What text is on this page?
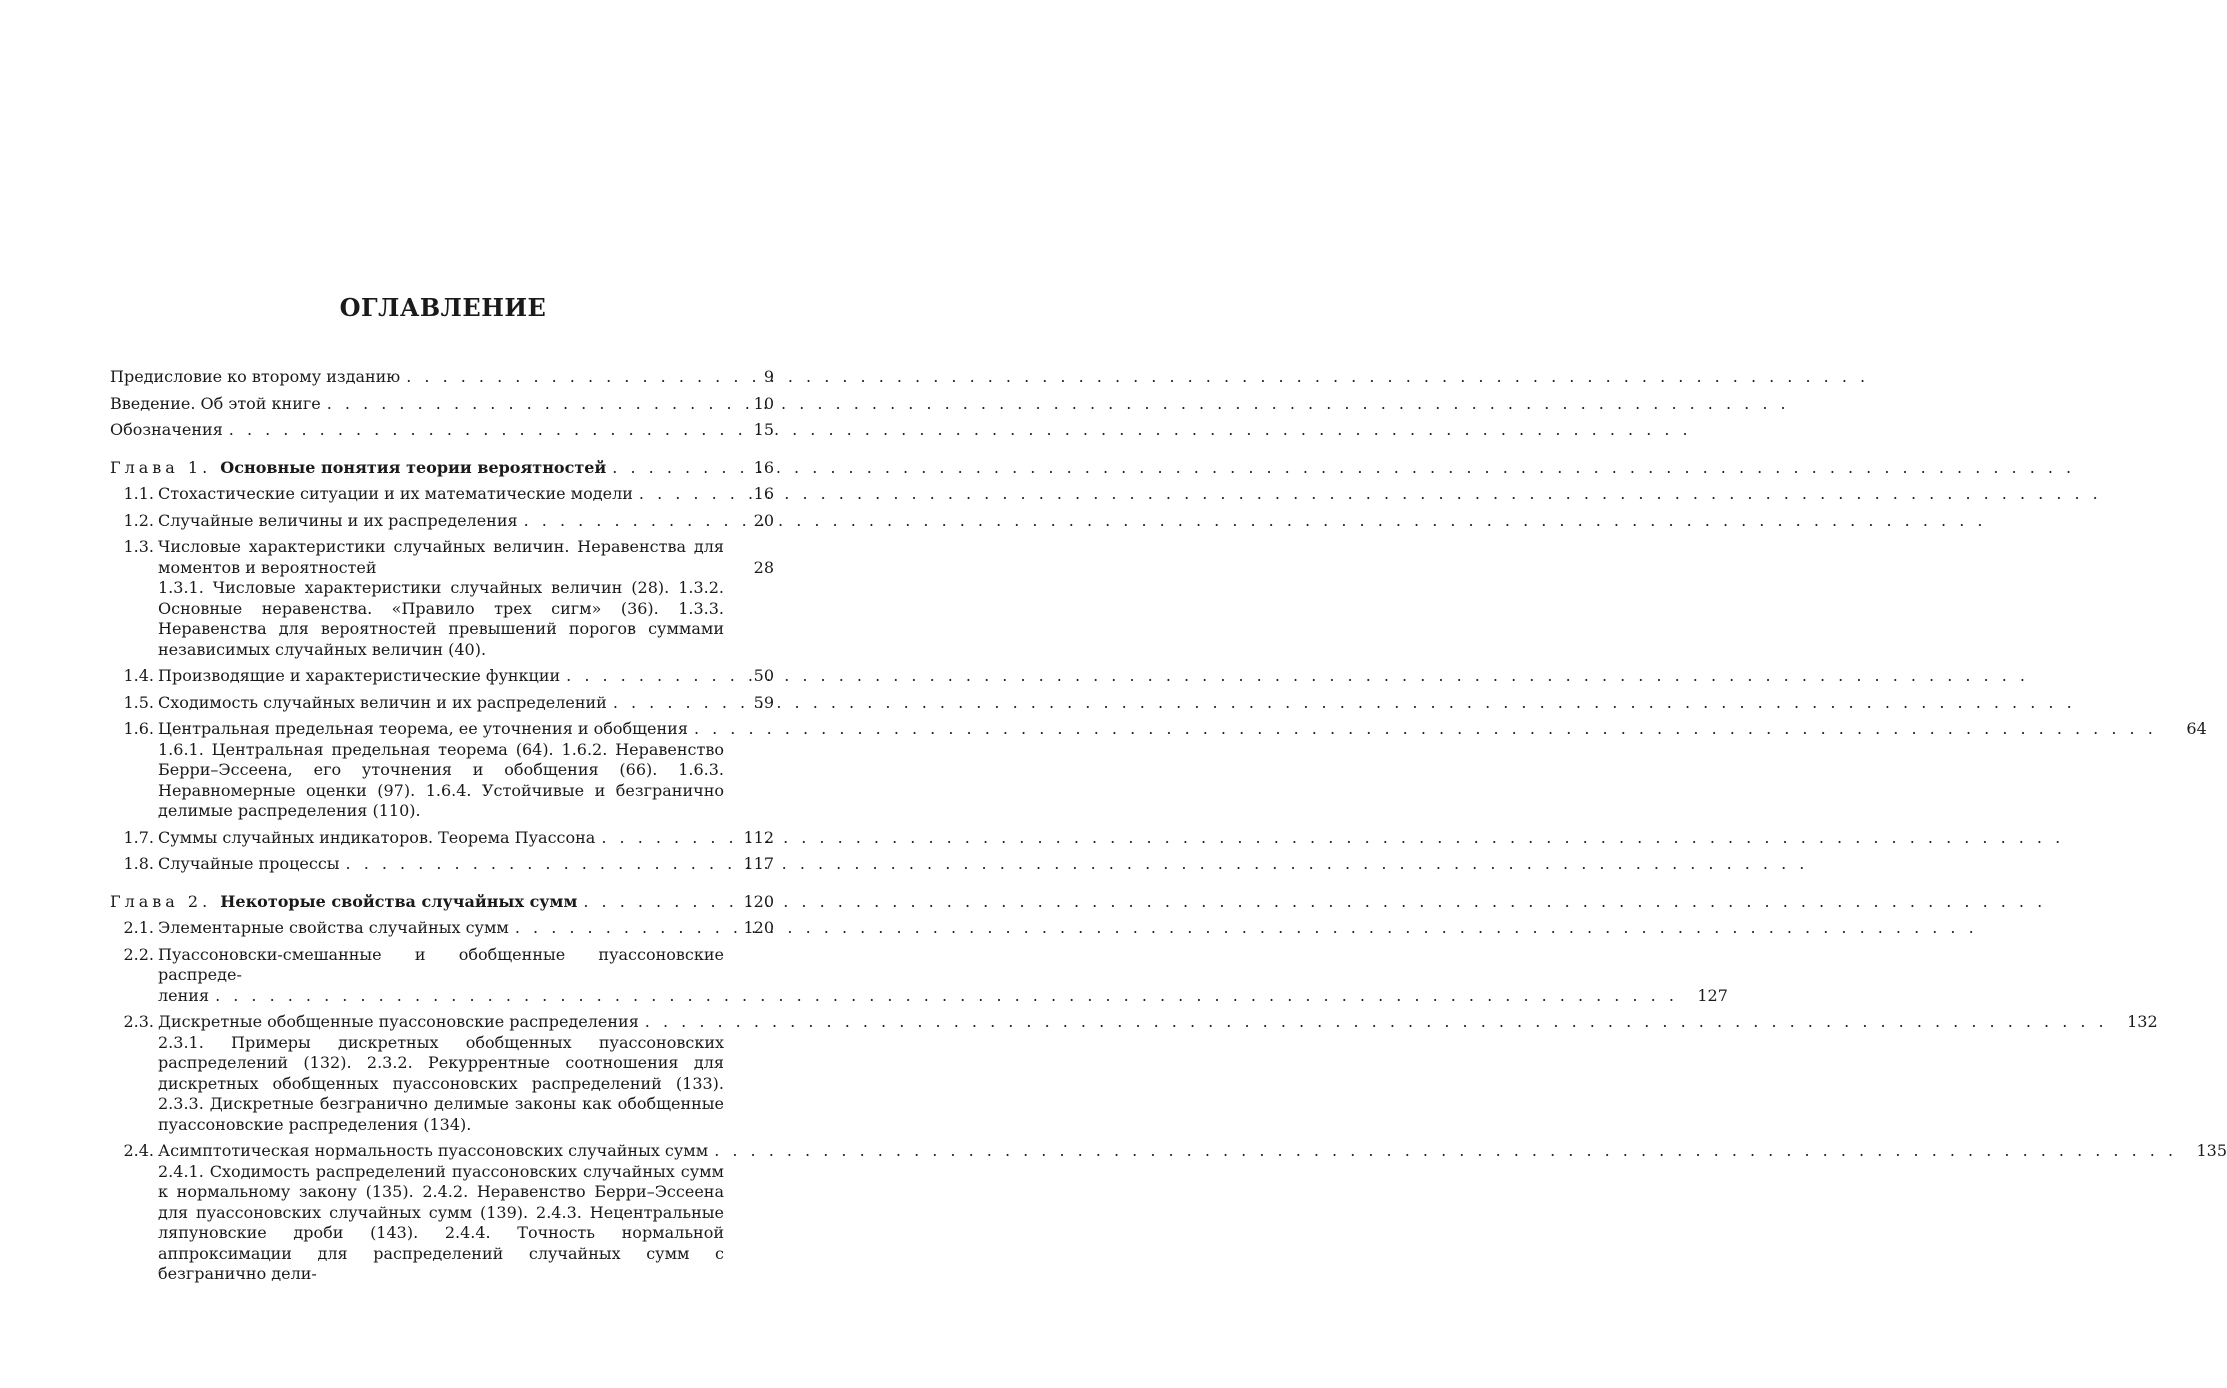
ОГЛАВЛЕНИЕ
Предисловие ко второму изданию . . .	9
Введение. Об этой книге . . .	10
Обозначения . . .	15
Глава 1. Основные понятия теории вероятностей . . .	16
1.1. Стохастические ситуации и их математические модели . . .	16
1.2. Случайные величины и их распределения . . .	20
1.3. Числовые характеристики случайных величин. Неравенства для моментов и вероятностей	28
1.3.1. Числовые характеристики случайных величин (28). 1.3.2. Основные неравенства. «Правило трех сигм» (36). 1.3.3. Неравенства для вероятностей превышений порогов суммами независимых случайных величин (40).
1.4. Производящие и характеристические функции . . .	50
1.5. Сходимость случайных величин и их распределений . . .	59
1.6. Центральная предельная теорема, ее уточнения и обобщения . . .	64
1.6.1. Центральная предельная теорема (64). 1.6.2. Неравенство Берри–Эссеена, его уточнения и обобщения (66). 1.6.3. Неравномерные оценки (97). 1.6.4. Устойчивые и безгранично делимые распределения (110).
1.7. Суммы случайных индикаторов. Теорема Пуассона . . .	112
1.8. Случайные процессы . . .	117
Глава 2. Некоторые свойства случайных сумм . . .	120
2.1. Элементарные свойства случайных сумм . . .	120
2.2. Пуассоновски-смешанные и обобщенные пуассоновские распреде-
ления . . .	127
2.3. Дискретные обобщенные пуассоновские распределения . . .	132
2.3.1. Примеры дискретных обобщенных пуассоновских распределений (132). 2.3.2. Рекуррентные соотношения для дискретных обобщенных пуассоновских распределений (133). 2.3.3. Дискретные безгранично делимые законы как обобщенные пуассоновские распределения (134).
2.4. Асимптотическая нормальность пуассоновских случайных сумм . . .	135
2.4.1. Сходимость распределений пуассоновских случайных сумм к нормальному закону (135). 2.4.2. Неравенство Берри–Эссеена для пуассоновских случайных сумм (139). 2.4.3. Нецентральные ляпуновские дроби (143). 2.4.4. Точность нормальной аппроксимации для распределений случайных сумм с безгранично дели-
